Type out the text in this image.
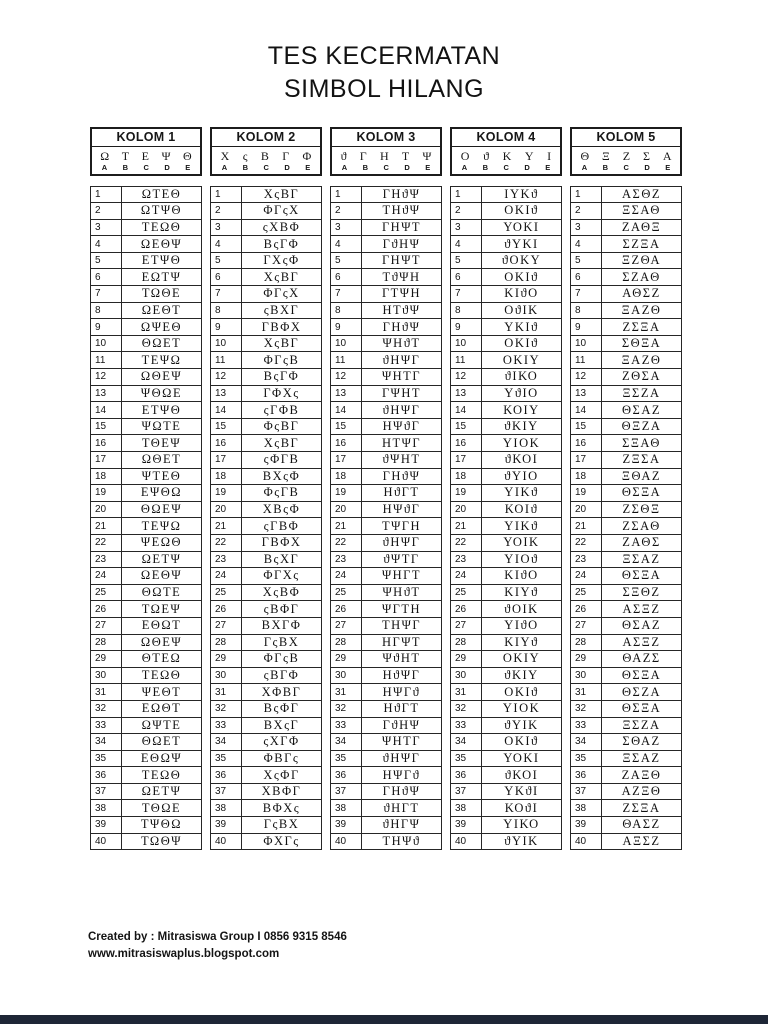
TES KECERMATAN
SIMBOL HILANG
KOLOM 1
Ω Τ Ε Ψ Θ
A B C D E
1	ΩΤΕΘ
2	ΩΤΨΘ
3	ΤΕΩΘ
4	ΩΕΘΨ
5	ΕΤΨΘ
6	ΕΩΤΨ
7	ΤΩΘΕ
8	ΩΕΘΤ
9	ΩΨΕΘ
10	ΘΩΕΤ
11	ΤΕΨΩ
12	ΩΘΕΨ
13	ΨΘΩΕ
14	ΕΤΨΘ
15	ΨΩΤΕ
16	ΤΘΕΨ
17	ΩΘΕΤ
18	ΨΤΕΘ
19	ΕΨΘΩ
20	ΘΩΕΨ
21	ΤΕΨΩ
22	ΨΕΩΘ
23	ΩΕΤΨ
24	ΩΕΘΨ
25	ΘΩΤΕ
26	ΤΩΕΨ
27	ΕΘΩΤ
28	ΩΘΕΨ
29	ΘΤΕΩ
30	ΤΕΩΘ
31	ΨΕΘΤ
32	ΕΩΘΤ
33	ΩΨΤΕ
34	ΘΩΕΤ
35	ΕΘΩΨ
36	ΤΕΩΘ
37	ΩΕΤΨ
38	ΤΘΩΕ
39	ΤΨΘΩ
40	ΤΩΘΨ
KOLOM 2
Χ ς Β Γ Φ
A B C D E
1	ΧςΒΓ
2	ΦΓςΧ
3	ςΧΒΦ
4	ΒςΓΦ
5	ΓΧςΦ
6	ΧςΒΓ
7	ΦΓςΧ
8	ςΒΧΓ
9	ΓΒΦΧ
10	ΧςΒΓ
11	ΦΓςΒ
12	ΒςΓΦ
13	ΓΦΧς
14	ςΓΦΒ
15	ΦςΒΓ
16	ΧςΒΓ
17	ςΦΓΒ
18	ΒΧςΦ
19	ΦςΓΒ
20	ΧΒςΦ
21	ςΓΒΦ
22	ΓΒΦΧ
23	ΒςΧΓ
24	ΦΓΧς
25	ΧςΒΦ
26	ςΒΦΓ
27	ΒΧΓΦ
28	ΓςΒΧ
29	ΦΓςΒ
30	ςΒΓΦ
31	ΧΦΒΓ
32	ΒςΦΓ
33	ΒΧςΓ
34	ςΧΓΦ
35	ΦΒΓς
36	ΧςΦΓ
37	ΧΒΦΓ
38	ΒΦΧς
39	ΓςΒΧ
40	ΦΧΓς
KOLOM 3
ϑ Γ Η Τ Ψ
A B C D E
1	ΓΗϑΨ
2	ΤΗϑΨ
3	ΓΗΨΤ
4	ΓϑΗΨ
5	ΓΗΨΤ
6	ΤϑΨΗ
7	ΓΤΨΗ
8	ΗΤϑΨ
9	ΓΗϑΨ
10	ΨΗϑΤ
11	ϑΗΨΓ
12	ΨΗΤΓ
13	ΓΨΗΤ
14	ϑΗΨΓ
15	ΗΨϑΓ
16	ΗΤΨΓ
17	ϑΨΗΤ
18	ΓΗϑΨ
19	ΗϑΓΤ
20	ΗΨϑΓ
21	ΤΨΓΗ
22	ϑΗΨΓ
23	ϑΨΤΓ
24	ΨΗΓΤ
25	ΨΗϑΤ
26	ΨΓΤΗ
27	ΤΗΨΓ
28	ΗΓΨΤ
29	ΨϑΗΤ
30	ΗϑΨΓ
31	ΗΨΓϑ
32	ΗϑΓΤ
33	ΓϑΗΨ
34	ΨΗΤΓ
35	ϑΗΨΓ
36	ΗΨΓϑ
37	ΓΗϑΨ
38	ϑΗΓΤ
39	ϑΗΓΨ
40	ΤΗΨϑ
KOLOM 4
Ο ϑ Κ Υ Ι
A B C D E
1	ΙΥΚϑ
2	ΟΚΙϑ
3	ΥΟΚΙ
4	ϑΥΚΙ
5	ϑΟΚΥ
6	ΟΚΙϑ
7	ΚΙϑΟ
8	ΟϑΙΚ
9	ΥΚΙϑ
10	ΟΚΙϑ
11	ΟΚΙΥ
12	ϑΙΚΟ
13	ΥϑΙΟ
14	ΚΟΙΥ
15	ϑΚΙΥ
16	ΥΙΟΚ
17	ϑΚΟΙ
18	ϑΥΙΟ
19	ΥΙΚϑ
20	ΚΟΙϑ
21	ΥΙΚϑ
22	ΥΟΙΚ
23	ΥΙΟϑ
24	ΚΙϑΟ
25	ΚΙΥϑ
26	ϑΟΙΚ
27	ΥΙϑΟ
28	ΚΙΥϑ
29	ΟΚΙΥ
30	ϑΚΙΥ
31	ΟΚΙϑ
32	ΥΙΟΚ
33	ϑΥΙΚ
34	ΟΚΙϑ
35	ΥΟΚΙ
36	ϑΚΟΙ
37	ΥΚϑΙ
38	ΚΟϑΙ
39	ΥΙΚΟ
40	ϑΥΙΚ
KOLOM 5
Θ Ξ Ζ Σ Α
A B C D E
1	ΑΣΘΖ
2	ΞΣΑΘ
3	ΖΑΘΞ
4	ΣΖΞΑ
5	ΞΖΘΑ
6	ΣΖΑΘ
7	ΑΘΣΖ
8	ΞΑΖΘ
9	ΖΣΞΑ
10	ΣΘΞΑ
11	ΞΑΖΘ
12	ΖΘΣΑ
13	ΞΣΖΑ
14	ΘΣΑΖ
15	ΘΞΖΑ
16	ΣΞΑΘ
17	ΖΞΣΑ
18	ΞΘΑΖ
19	ΘΣΞΑ
20	ΖΣΘΞ
21	ΖΣΑΘ
22	ΖΑΘΣ
23	ΞΣΑΖ
24	ΘΣΞΑ
25	ΣΞΘΖ
26	ΑΣΞΖ
27	ΘΣΑΖ
28	ΑΣΞΖ
29	ΘΑΖΣ
30	ΘΣΞΑ
31	ΘΣΖΑ
32	ΘΣΞΑ
33	ΞΣΖΑ
34	ΣΘΑΖ
35	ΞΣΑΖ
36	ΖΑΞΘ
37	ΑΖΞΘ
38	ΖΣΞΑ
39	ΘΑΣΖ
40	ΑΞΣΖ
Created by : Mitrasiswa Group I 0856 9315 8546
www.mitrasiswaplus.blogspot.com
